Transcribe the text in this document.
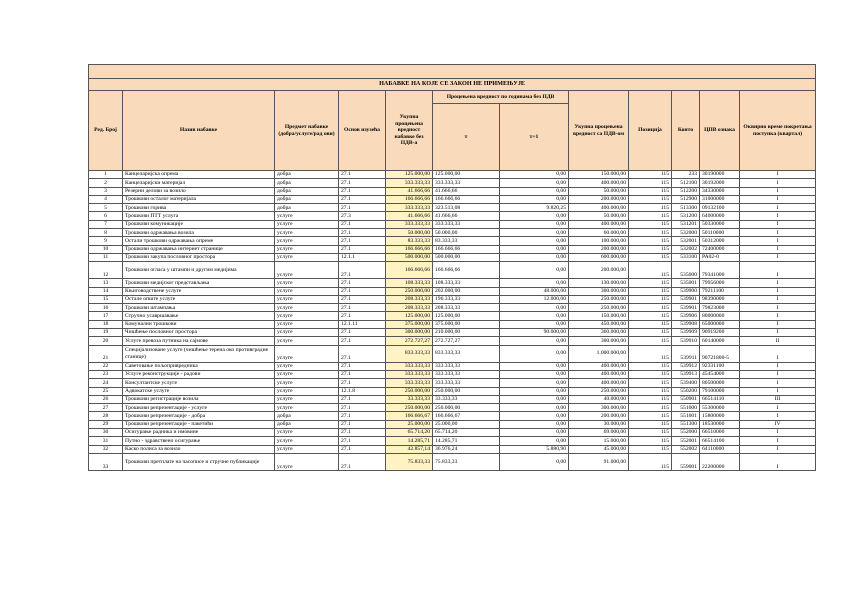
НАБАВКЕ НА КОЈЕ СЕ ЗАКОН НЕ ПРИМЕЊУЈЕ											
Ред. Број	Назив набавке	Предмет набавке (добра/услуге/рад ови)	Основ изузећа	Укупна процењена вредност набавке без ПДВ-а	Процењена вредност по годинама без ПДВ		Укупна процењена вредност са ПДВ-ом	Позиција	Конто	ЦПВ ознака	Оквирно време покретања поступка (квартал)
					т	т+1					
1	Канцеларијска опрема	добра	27.1	125.000,00	125.000,00	0,00	150.000,00	115	233	30190000	I
2	Канцеларијски материјал	добра	27.1	333.333,33	333.333,33	0,00	400.000,00	115	512100	30192000	I
3	Резерни делови за возило	добра	27.1	41.666,66	41.666,66	0,00	50.000,00	115	512200	34330000	I
4	Трошкови осталог материјала	добра	27.1	166.666,66	166.666,66	0,00	200.000,00	115	512900	31000000	I
5	Трошкови горива	добра	27.1	333.333,33	323.513,08	9.820,25	400.000,00	115	513300	09132100	I
6	Трошкови ПТТ услуга	услуге	27.3	41.666,66	41.666,66	0,00	50.000,00	115	531200	64000000	I
7	Трошкови комуникације	услуге	27.1	333.333,33	333.333,33	0,00	400.000,00	115	531201	50330000	I
8	Трошкови одржавања возила	услуге	27.1	50.000,00	50.000,00	0,00	60.000,00	115	532000	50110000	I
9	Остали трошкови одржавања опреме	услуге	27.1	83.333,33	83.333,33	0,00	100.000,00	115	532001	50312000	I
10	Трошкови одржавања интернет странице	услуге	27.1	166.666,66	166.666,66	0,00	200.000,00	115	532002	72400000	I
11	Трошкови закупа пословног простора	услуге	12.1.1	500.000,00	500.000,00	0,00	600.000,00	115	533100	PA02-0	I
12	Трошкови огласа у штампи и другим медијима	услуге	27.1	166.666,66	166.666,66	0,00	200.000,00	115	535000	79341000	I
13	Трошкови медијског представљања	услуге	27.1	108.333,33	108.333,33	0,00	130.000,00	115	535001	79956000	I
14	Књиговодствене услуге	услуге	27.1	250.000,00	202.000,00	48.000,00	300.000,00	115	539900	79211100	I
15	Остале опште услуге	услуге	27.1	208.333,33	196.333,33	12.000,00	250.000,00	115	539901	98390000	I
16	Трошкови штампања	услуге	27.1	208.333,33	208.333,33	0,00	250.000,00	115	539901	79823000	I
17	Стручно усавршавање	услуге	27.1	125.000,00	125.000,00	0,00	150.000,00	115	539906	80000000	I
18	Комунални трошкови	услуге	12.1.11	375.000,00	375.000,00	0,00	450.000,00	115	539908	65000000	I
19	Чишћење пословног простора	услуге	27.1	300.000,00	210.000,00	90.000,00	360.000,00	115	539909	90919200	I
20	Услуге превоза путника на сајмове	услуге	27.1	272.727,27	272.727,27	0,00	300.000,00	115	539910	60140000	II
21	Специјализоване услуге (чишћење терена око противградне станице)	услуге	27.1	833.333,33	833.333,33	0,00	1.000.000,00	115	539911	90721800-5	I
22	Саветовање пољопривредника	услуге	27.1	333.333,33	333.333,33	0,00	400.000,00	115	539912	92331100	I
23	Услуге реконструкције - радови	услуге	27.1	333.333,33	333.333,33	0,00	400.000,00	115	539913	45454000	I
24	Консултантске услуге	услуге	27.1	333.333,33	333.333,33	0,00	400.000,00	115	539400	80500000	I
25	Адвокатске услуге	услуге	12.1.8	250.000,00	250.000,00	0,00	250.000,00	115	550200	79100000	I
26	Трошкови регистрације возила	услуге	27.1	33.333,33	33.333,33	0,00	40.000,00	115	550901	66514110	III
27	Трошкови репрезентације - услуге	услуге	27.1	250.000,00	250.000,00	0,00	300.000,00	115	551000	55300000	I
28	Трошкови репрезентације - добра	добра	27.1	166.666,67	166.666,67	0,00	200.000,00	115	551001	15800000	I
29	Трошкови репрезентације - пакетићи	добра	27.1	25.000,00	25.000,00	0,00	30.000,00	115	551300	18530000	IV
30	Осигурање радника и имовине	услуге	27.1	65.714,20	65.714,20	0,00	69.000,00	115	552000	66510000	I
31	Путно - здравствено осигурање	услуге	27.1	14.285,71	14.285,71	0,00	15.000,00	115	552001	66514100	I
32	Каско полиса за возило	услуге	27.1	42.857,14	36.976,24	5.880,90	45.000,00	115	552002	64110000	I
33	Трошкови претплате на часописе и стручне публикације	услуге	27.1	75.833,33	75.833,33	0,00	91.000,00	115	559001	22200000	I
